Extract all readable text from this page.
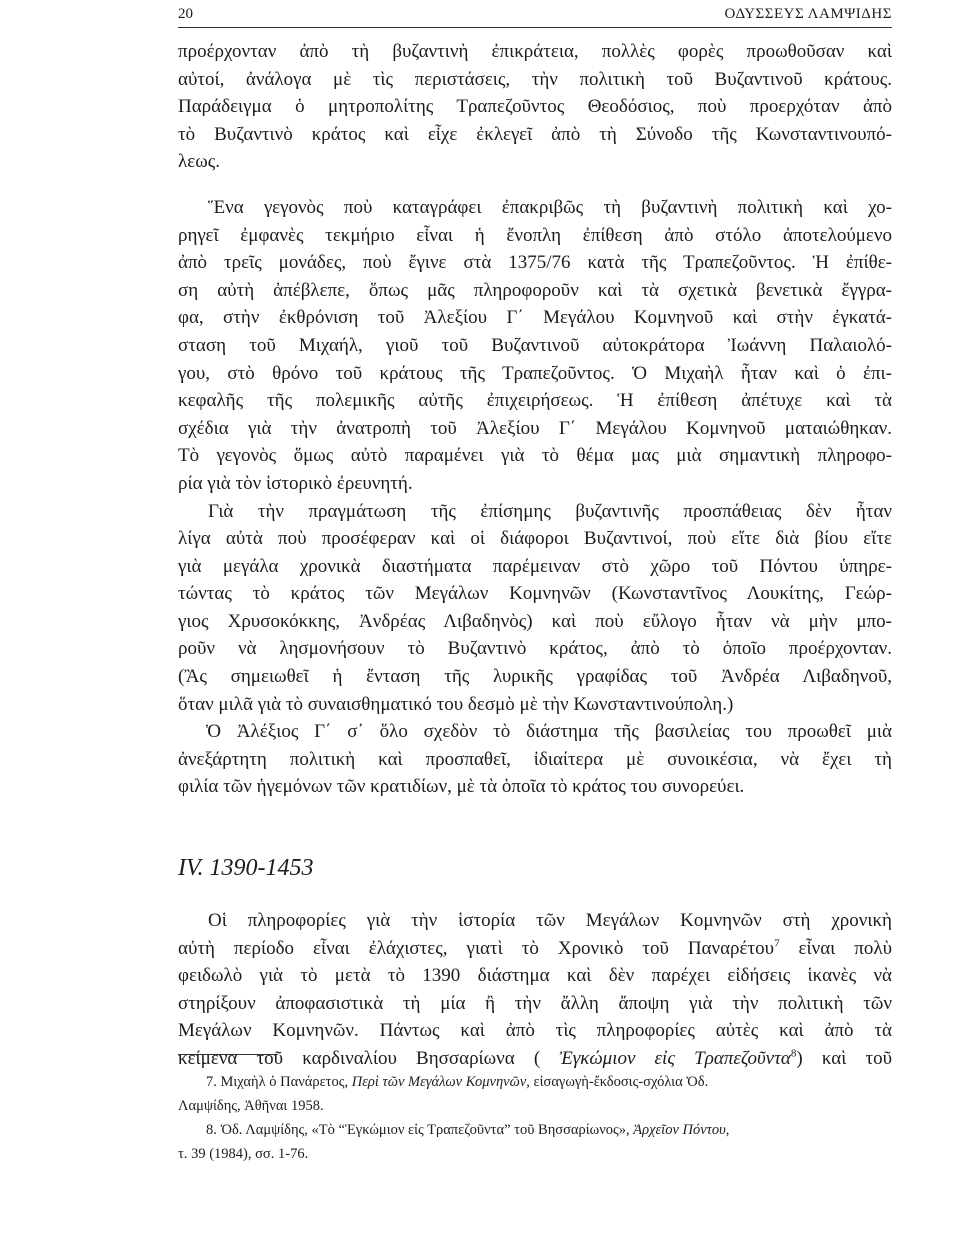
20	ΟΔΥΣΣΕΥΣ ΛΑΜΨΙΔΗΣ
προέρχονταν ἀπὸ τὴ βυζαντινὴ ἐπικράτεια, πολλὲς φορὲς προωθοῦσαν καὶ
αὐτοί, ἀνάλογα μὲ τὶς περιστάσεις, τὴν πολιτικὴ τοῦ Βυζαντινοῦ κράτους.
Παράδειγμα ὁ μητροπολίτης Τραπεζοῦντος Θεοδόσιος, ποὺ προερχόταν ἀπὸ
τὸ Βυζαντινὸ κράτος καὶ εἶχε ἐκλεγεῖ ἀπὸ τὴ Σύνοδο τῆς Κωνσταντινουπό-
λεως.
Ἕνα γεγονὸς ποὺ καταγράφει ἐπακριβῶς τὴ βυζαντινὴ πολιτικὴ καὶ χο-
ρηγεῖ ἐμφανὲς τεκμήριο εἶναι ἡ ἔνοπλη ἐπίθεση ἀπὸ στόλο ἀποτελούμενο
ἀπὸ τρεῖς μονάδες, ποὺ ἔγινε στὰ 1375/76 κατὰ τῆς Τραπεζοῦντος. Ἡ ἐπίθε-
ση αὐτὴ ἀπέβλεπε, ὅπως μᾶς πληροφοροῦν καὶ τὰ σχετικὰ βενετικὰ ἔγγρα-
φα, στὴν ἐκθρόνιση τοῦ Ἀλεξίου Γ΄ Μεγάλου Κομνηνοῦ καὶ στὴν ἐγκατά-
σταση τοῦ Μιχαήλ, γιοῦ τοῦ Βυζαντινοῦ αὐτοκράτορα Ἰωάννη Παλαιολό-
γου, στὸ θρόνο τοῦ κράτους τῆς Τραπεζοῦντος. Ὁ Μιχαὴλ ἦταν καὶ ὁ ἐπι-
κεφαλῆς τῆς πολεμικῆς αὐτῆς ἐπιχειρήσεως. Ἡ ἐπίθεση ἀπέτυχε καὶ τὰ
σχέδια γιὰ τὴν ἀνατροπὴ τοῦ Ἀλεξίου Γ΄ Μεγάλου Κομνηνοῦ ματαιώθηκαν.
Τὸ γεγονὸς ὅμως αὐτὸ παραμένει γιὰ τὸ θέμα μας μιὰ σημαντικὴ πληροφο-
ρία γιὰ τὸν ἱστορικὸ ἐρευνητή.
Γιὰ τὴν πραγμάτωση τῆς ἐπίσημης βυζαντινῆς προσπάθειας δὲν ἦταν
λίγα αὐτὰ ποὺ προσέφεραν καὶ οἱ διάφοροι Βυζαντινοί, ποὺ εἴτε διὰ βίου εἴτε
γιὰ μεγάλα χρονικὰ διαστήματα παρέμειναν στὸ χῶρο τοῦ Πόντου ὑπηρε-
τώντας τὸ κράτος τῶν Μεγάλων Κομνηνῶν (Κωνσταντῖνος Λουκίτης, Γεώρ-
γιος Χρυσοκόκκης, Ἀνδρέας Λιβαδηνὸς) καὶ ποὺ εὔλογο ἦταν νὰ μὴν μπο-
ροῦν νὰ λησμονήσουν τὸ Βυζαντινὸ κράτος, ἀπὸ τὸ ὁποῖο προέρχονταν.
(Ἂς σημειωθεῖ ἡ ἔνταση τῆς λυρικῆς γραφίδας τοῦ Ἀνδρέα Λιβαδηνοῦ,
ὅταν μιλᾶ γιὰ τὸ συναισθηματικό του δεσμὸ μὲ τὴν Κωνσταντινούπολη.)
Ὁ Ἀλέξιος Γ΄ σ᾽ ὅλο σχεδὸν τὸ διάστημα τῆς βασιλείας του προωθεῖ μιὰ
ἀνεξάρτητη πολιτικὴ καὶ προσπαθεῖ, ἰδιαίτερα μὲ συνοικέσια, νὰ ἔχει τὴ
φιλία τῶν ἡγεμόνων τῶν κρατιδίων, μὲ τὰ ὁποῖα τὸ κράτος του συνορεύει.
IV. 1390-1453
Οἱ πληροφορίες γιὰ τὴν ἱστορία τῶν Μεγάλων Κομνηνῶν στὴ χρονικὴ
αὐτὴ περίοδο εἶναι ἐλάχιστες, γιατὶ τὸ Χρονικὸ τοῦ Παναρέτου$^7$ εἶναι πολὺ
φειδωλὸ γιὰ τὸ μετὰ τὸ 1390 διάστημα καὶ δὲν παρέχει εἰδήσεις ἱκανὲς νὰ
στηρίξουν ἀποφασιστικὰ τὴ μία ἢ τὴν ἄλλη ἄποψη γιὰ τὴν πολιτικὴ τῶν
Μεγάλων Κομνηνῶν. Πάντως καὶ ἀπὸ τὶς πληροφορίες αὐτὲς καὶ ἀπὸ τὰ
κείμενα τοῦ καρδιναλίου Βησσαρίωνα ( Ἐγκώμιον εἰς Τραπεζοῦντα$^8$) καὶ τοῦ
7. Μιχαὴλ ὁ Πανάρετος, Περὶ τῶν Μεγάλων Κομνηνῶν, εἰσαγωγὴ-ἔκδοσις-σχόλια Ὀδ.
Λαμψίδης, Ἀθῆναι 1958.
8. Ὀδ. Λαμψίδης, «Τὸ “Ἐγκώμιον εἰς Τραπεζοῦντα” τοῦ Βησσαρίωνος», Ἀρχεῖον Πόντου,
τ. 39 (1984), σσ. 1-76.
